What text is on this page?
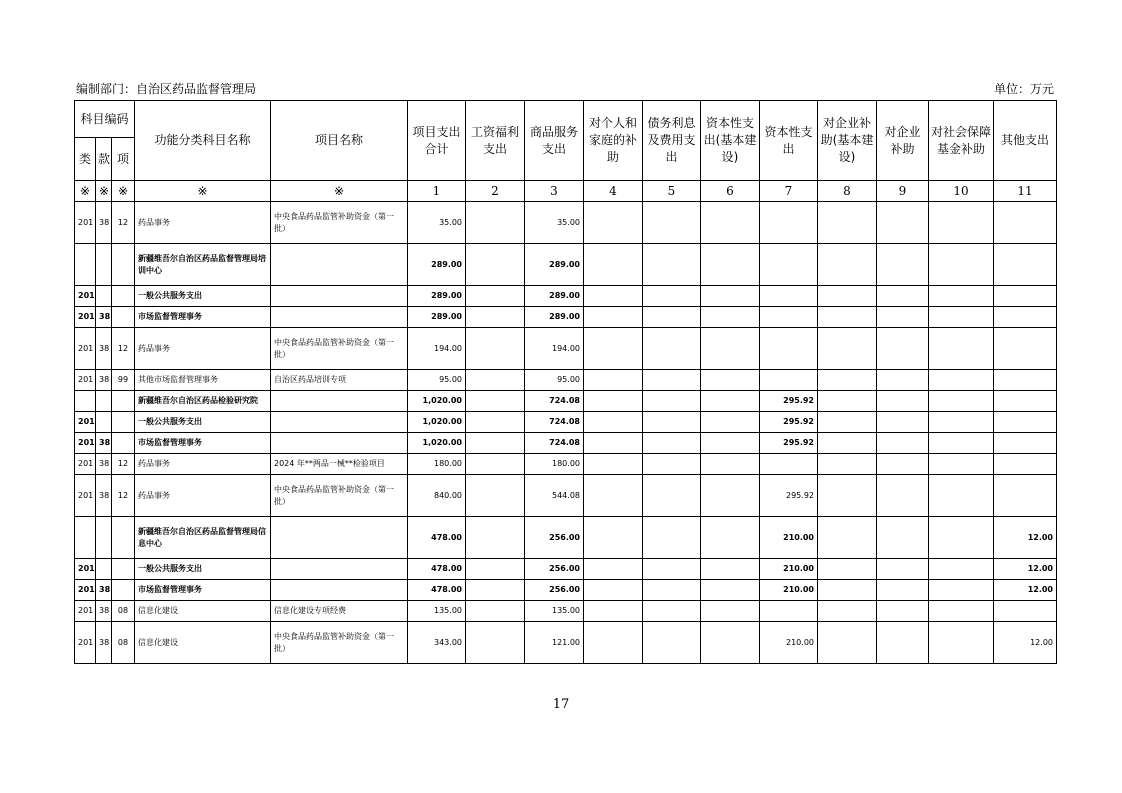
编制部门：自治区药品监督管理局	单位：万元
科目编码			功能分类科目名称	项目名称	项目支出合计	工资福利支出	商品服务支出	对个人和家庭的补助	债务利息及费用支出	资本性支出(基本建设)	资本性支出	对企业补助(基本建设)	对企业补助	对社会保障基金补助	其他支出
类	款	项													
※	※	※	※	※	1	2	3	4	5	6	7	8	9	10	11
201	38	12	药品事务	中央食品药品监管补助资金（第一批）	35.00		35.00								
			新疆维吾尔自治区药品监督管理局培训中心		289.00		289.00								
201			一般公共服务支出		289.00		289.00								
201	38		市场监督管理事务		289.00		289.00								
201	38	12	药品事务	中央食品药品监管补助资金（第一批）	194.00		194.00								
201	38	99	其他市场监督管理事务	自治区药品培训专项	95.00		95.00								
			新疆维吾尔自治区药品检验研究院		1,020.00		724.08				295.92				
201			一般公共服务支出		1,020.00		724.08				295.92				
201	38		市场监督管理事务		1,020.00		724.08				295.92				
201	38	12	药品事务	2024 年**两品一械**检验项目	180.00		180.00								
201	38	12	药品事务	中央食品药品监管补助资金（第一批）	840.00		544.08				295.92				
			新疆维吾尔自治区药品监督管理局信息中心		478.00		256.00				210.00				12.00
201			一般公共服务支出		478.00		256.00				210.00				12.00
201	38		市场监督管理事务		478.00		256.00				210.00				12.00
201	38	08	信息化建设	信息化建设专项经费	135.00		135.00								
201	38	08	信息化建设	中央食品药品监管补助资金（第一批）	343.00		121.00				210.00				12.00
17
